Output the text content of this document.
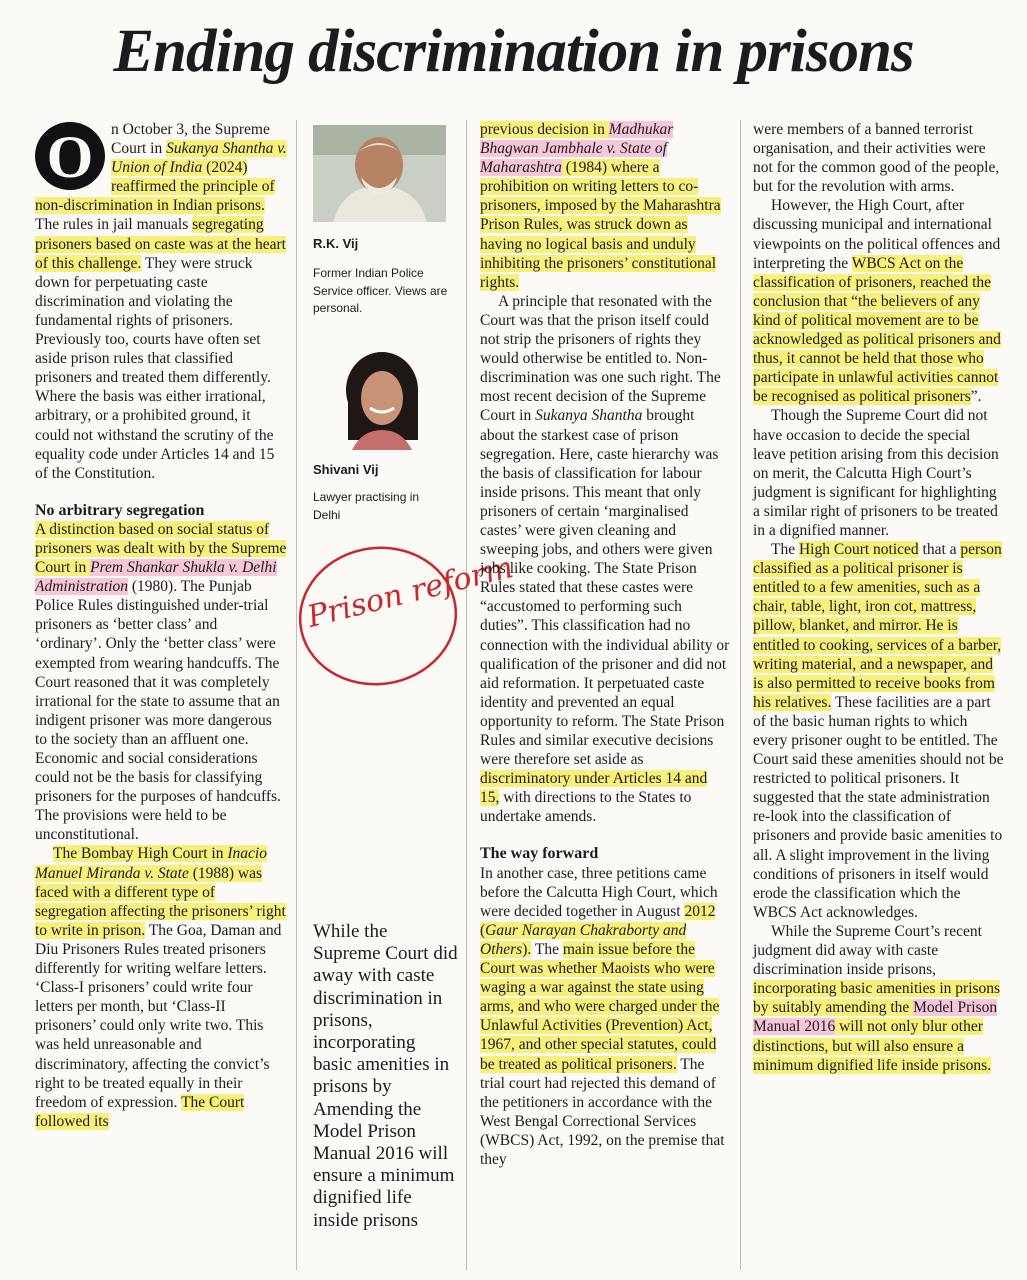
Ending discrimination in prisons

O	n October 3, the Supreme Court in Sukanya Shantha v. Union of India (2024) reaffirmed the principle of non-discrimination in Indian prisons. The rules in jail manuals segregating prisoners based on caste was at the heart of this challenge. They were struck down for perpetuating caste discrimination and violating the fundamental rights of prisoners. Previously too, courts have often set aside prison rules that classified prisoners and treated them differently. Where the basis was either irrational, arbitrary, or a prohibited ground, it could not withstand the scrutiny of the equality code under Articles 14 and 15 of the Constitution.

No arbitrary segregation

A distinction based on social status of prisoners was dealt with by the Supreme Court in Prem Shankar Shukla v. Delhi Administration (1980). The Punjab Police Rules distinguished under-trial prisoners as ‘better class’ and ‘ordinary’. Only the ‘better class’ were exempted from wearing handcuffs. The Court reasoned that it was completely irrational for the state to assume that an indigent prisoner was more dangerous to the society than an affluent one. Economic and social considerations could not be the basis for classifying prisoners for the purposes of handcuffs. The provisions were held to be unconstitutional.

The Bombay High Court in Inacio Manuel Miranda v. State (1988) was faced with a different type of segregation affecting the prisoners’ right to write in prison. The Goa, Daman and Diu Prisoners Rules treated prisoners differently for writing welfare letters. ‘Class-I prisoners’ could write four letters per month, but ‘Class-II prisoners’ could only write two. This was held unreasonable and discriminatory, affecting the convict’s right to be treated equally in their freedom of expression. The Court followed its

R.K. Vij
Former Indian Police Service officer. Views are personal.
Shivani Vij
Lawyer practising in Delhi
Prison reform

While the Supreme Court did away with caste discrimination in prisons, incorporating basic amenities in prisons by Amending the Model Prison Manual 2016 will ensure a minimum dignified life inside prisons

previous decision in Madhukar Bhagwan Jambhale v. State of Maharashtra (1984) where a prohibition on writing letters to co-prisoners, imposed by the Maharashtra Prison Rules, was struck down as having no logical basis and unduly inhibiting the prisoners’ constitutional rights.

A principle that resonated with the Court was that the prison itself could not strip the prisoners of rights they would otherwise be entitled to. Non-discrimination was one such right. The most recent decision of the Supreme Court in Sukanya Shantha brought about the starkest case of prison segregation. Here, caste hierarchy was the basis of classification for labour inside prisons. This meant that only prisoners of certain ‘marginalised castes’ were given cleaning and sweeping jobs, and others were given jobs like cooking. The State Prison Rules stated that these castes were “accustomed to performing such duties”. This classification had no connection with the individual ability or qualification of the prisoner and did not aid reformation. It perpetuated caste identity and prevented an equal opportunity to reform. The State Prison Rules and similar executive decisions were therefore set aside as discriminatory under Articles 14 and 15, with directions to the States to undertake amends.

The way forward

In another case, three petitions came before the Calcutta High Court, which were decided together in August 2012 (Gaur Narayan Chakraborty and Others). The main issue before the Court was whether Maoists who were waging a war against the state using arms, and who were charged under the Unlawful Activities (Prevention) Act, 1967, and other special statutes, could be treated as political prisoners. The trial court had rejected this demand of the petitioners in accordance with the West Bengal Correctional Services (WBCS) Act, 1992, on the premise that they

were members of a banned terrorist organisation, and their activities were not for the common good of the people, but for the revolution with arms.

However, the High Court, after discussing municipal and international viewpoints on the political offences and interpreting the WBCS Act on the classification of prisoners, reached the conclusion that “the believers of any kind of political movement are to be acknowledged as political prisoners and thus, it cannot be held that those who participate in unlawful activities cannot be recognised as political prisoners”.

Though the Supreme Court did not have occasion to decide the special leave petition arising from this decision on merit, the Calcutta High Court’s judgment is significant for highlighting a similar right of prisoners to be treated in a dignified manner.

The High Court noticed that a person classified as a political prisoner is entitled to a few amenities, such as a chair, table, light, iron cot, mattress, pillow, blanket, and mirror. He is entitled to cooking, services of a barber, writing material, and a newspaper, and is also permitted to receive books from his relatives. These facilities are a part of the basic human rights to which every prisoner ought to be entitled. The Court said these amenities should not be restricted to political prisoners. It suggested that the state administration re-look into the classification of prisoners and provide basic amenities to all. A slight improvement in the living conditions of prisoners in itself would erode the classification which the WBCS Act acknowledges.

While the Supreme Court’s recent judgment did away with caste discrimination inside prisons, incorporating basic amenities in prisons by suitably amending the Model Prison Manual 2016 will not only blur other distinctions, but will also ensure a minimum dignified life inside prisons.
